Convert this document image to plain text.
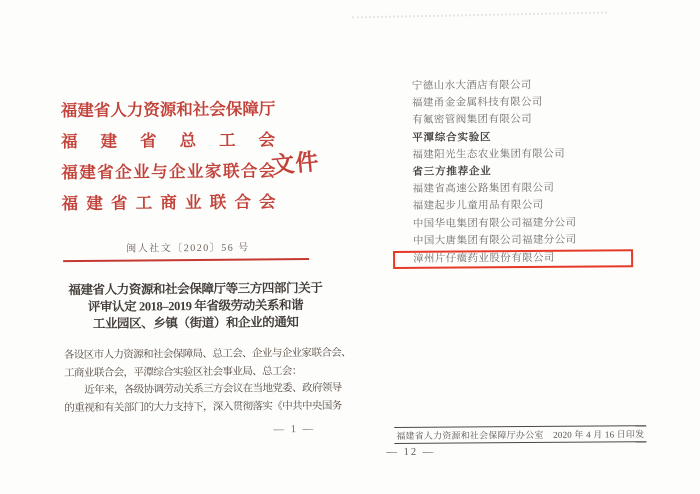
福 建 省 人 力 资 源 和 社 会 保 障 厅
福 建 省 总 工 会
福 建 省 企 业 与 企 业 家 联 合 会
福 建 省 工 商 业 联 合 会
文件
闽人社文〔2020〕56 号
福建省人力资源和社会保障厅等三方四部门关于
评审认定 2018–2019 年省级劳动关系和谐
工业园区、乡镇（街道）和企业的通知
各设区市人力资源和社会保障局、总工会、企业与企业家联合会、
工商业联合会，平潭综合实验区社会事业局、总工会：
近年来，各级协调劳动关系三方会议在当地党委、政府领导
的重视和有关部门的大力支持下，深入贯彻落实《中共中央国务
— 1 —
宁德山水大酒店有限公司
福建甬金金属科技有限公司
有氟密管阀集团有限公司
平潭综合实验区
福建阳光生态农业集团有限公司
省三方推荐企业
福建省高速公路集团有限公司
福建起步儿童用品有限公司
中国华电集团有限公司福建分公司
中国大唐集团有限公司福建分公司
漳州片仔癀药业股份有限公司
福建省人力资源和社会保障厅办公室 2020 年 4 月 16 日印发
— 12 —
